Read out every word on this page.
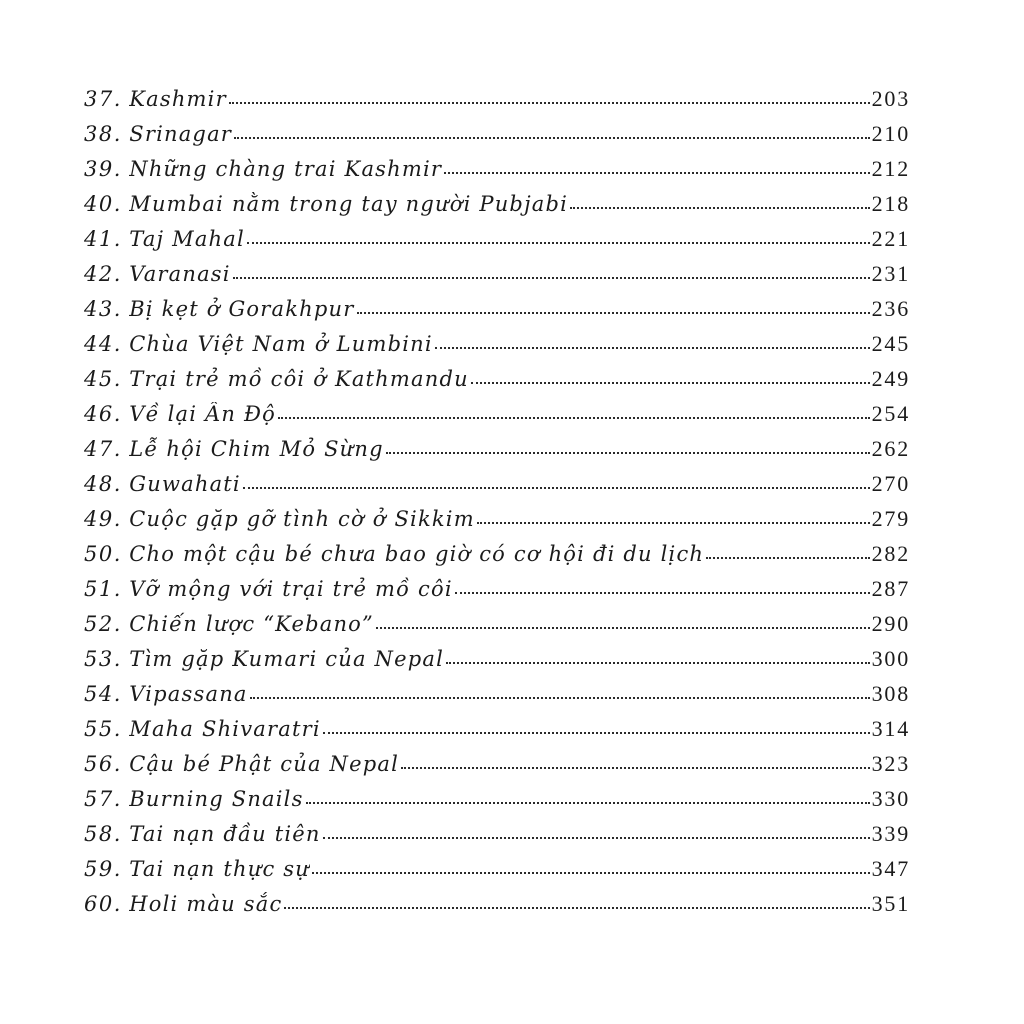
37. Kashmir	203
38. Srinagar	210
39. Những chàng trai Kashmir	212
40. Mumbai nằm trong tay người Pubjabi	218
41. Taj Mahal	221
42. Varanasi	231
43. Bị kẹt ở Gorakhpur	236
44. Chùa Việt Nam ở Lumbini	245
45. Trại trẻ mồ côi ở Kathmandu	249
46. Về lại Ấn Độ	254
47. Lễ hội Chim Mỏ Sừng	262
48. Guwahati	270
49. Cuộc gặp gỡ tình cờ ở Sikkim	279
50. Cho một cậu bé chưa bao giờ có cơ hội đi du lịch	282
51. Vỡ mộng với trại trẻ mồ côi	287
52. Chiến lược “Kebano”	290
53. Tìm gặp Kumari của Nepal	300
54. Vipassana	308
55. Maha Shivaratri	314
56. Cậu bé Phật của Nepal	323
57. Burning Snails	330
58. Tai nạn đầu tiên	339
59. Tai nạn thực sự	347
60. Holi màu sắc	351
